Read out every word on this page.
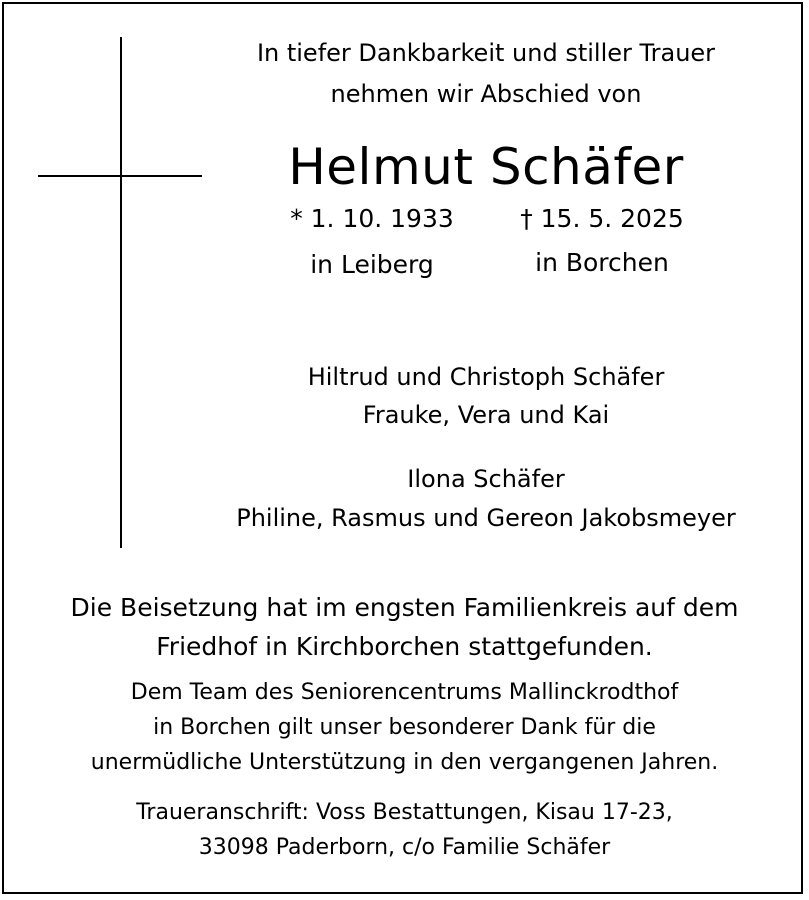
In tiefer Dankbarkeit und stiller Trauer
nehmen wir Abschied von
Helmut Schäfer
* 1. 10. 1933	† 15. 5. 2025
in Leiberg	in Borchen
Hiltrud und Christoph Schäfer
Frauke, Vera und Kai
Ilona Schäfer
Philine, Rasmus und Gereon Jakobsmeyer
Die Beisetzung hat im engsten Familienkreis auf dem
Friedhof in Kirchborchen stattgefunden.
Dem Team des Seniorencentrums Mallinckrodthof
in Borchen gilt unser besonderer Dank für die
unermüdliche Unterstützung in den vergangenen Jahren.
Traueranschrift: Voss Bestattungen, Kisau 17-23,
33098 Paderborn, c/o Familie Schäfer
